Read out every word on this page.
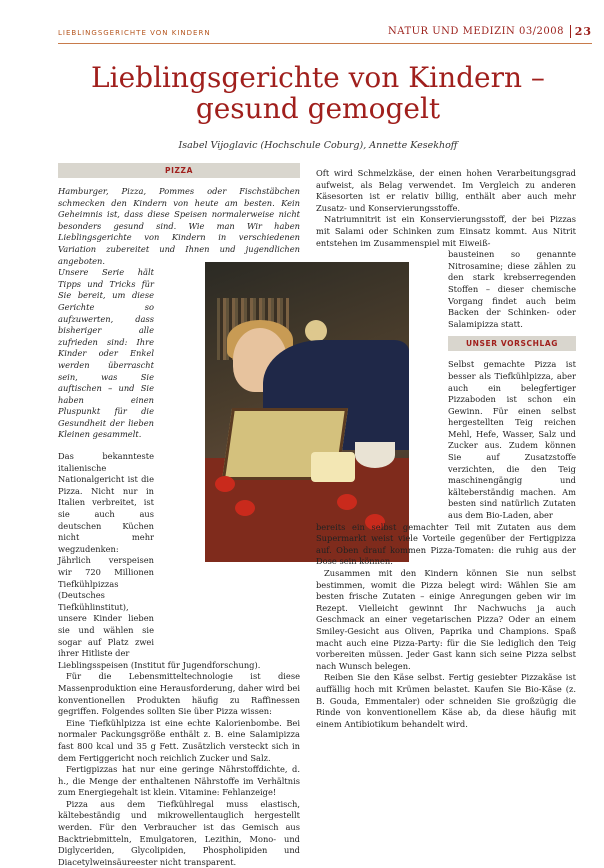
LIEBLINGSGERICHTE VON KINDERN	NATUR UND MEDIZIN 03/2008 23
Lieblingsgerichte von Kindern –
gesund gemogelt
Isabel Vijoglavic (Hochschule Coburg), Annette Kesekhoff
PIZZA

Hamburger, Pizza, Pommes oder Fischstäbchen schmecken den Kindern von heute am besten. Kein Geheimnis ist, dass diese Speisen normalerweise nicht besonders gesund sind. Wie man Wir haben Lieblingsgerichte von Kindern in verschiedenen Variation zubereitet und Ihnen und jugendlichen angeboten.

Unsere Serie hält Tipps und Tricks für Sie bereit, um diese Gerichte so aufzuwerten, dass bisheriger alle zufrieden sind: Ihre Kinder oder Enkel werden überrascht sein, was Sie auftischen – und Sie haben einen Pluspunkt für die Gesundheit der lieben Kleinen gesammelt.

Das bekannteste italienische Nationalgericht ist die Pizza. Nicht nur in Italien verbreitet, ist sie auch aus deutschen Küchen nicht mehr wegzudenken: Jährlich verspeisen wir 720 Millionen Tiefkühlpizzas (Deutsches Tiefkühlinstitut), unsere Kinder lieben sie und wählen sie sogar auf Platz zwei ihrer Hitliste der

Lieblingsspeisen (Institut für Jugendforschung).

Für die Lebensmitteltechnologie ist diese Massenproduktion eine Herausforderung, daher wird bei konventionellen Produkten häufig zu Raffinessen gegriffen. Folgendes sollten Sie über Pizza wissen:

Eine Tiefkühlpizza ist eine echte Kalorienbombe. Bei normaler Packungsgröße enthält z. B. eine Salamipizza fast 800 kcal und 35 g Fett. Zusätzlich versteckt sich in dem Fertiggericht noch reichlich Zucker und Salz.

Fertigpizzas hat nur eine geringe Nährstoffdichte, d. h., die Menge der enthaltenen Nährstoffe im Verhältnis zum Energiegehalt ist klein. Vitamine: Fehlanzeige!

Pizza aus dem Tiefkühlregal muss elastisch, kältebeständig und mikrowellentauglich hergestellt werden. Für den Verbraucher ist das Gemisch aus Backtriebmitteln, Emulgatoren, Lezithin, Mono- und Diglyceriden, Glycolipiden, Phospholipiden und Diacetylweinsäureester nicht transparent.

Oft wird Schmelzkäse, der einen hohen Verarbeitungsgrad aufweist, als Belag verwendet. Im Vergleich zu anderen Käsesorten ist er relativ billig, enthält aber auch mehr Zusatz- und Konservierungsstoffe.

Natriumnitrit ist ein Konservierungsstoff, der bei Pizzas mit Salami oder Schinken zum Einsatz kommt. Aus Nitrit entstehen im Zusammenspiel mit Eiweiß-

bausteinen so genannte Nitrosamine; diese zählen zu den stark krebserregenden Stoffen – dieser chemische Vorgang findet auch beim Backen der Schinken- oder Salamipizza statt.

UNSER VORSCHLAG

Selbst gemachte Pizza ist besser als Tiefkühlpizza, aber auch ein belegfertiger Pizzaboden ist schon ein Gewinn. Für einen selbst hergestellten Teig reichen Mehl, Hefe, Wasser, Salz und Zucker aus. Zudem können Sie auf Zusatzstoffe verzichten, die den Teig maschinengängig und kälteberständig machen. Am besten sind natürlich Zutaten aus dem Bio-Laden, aber

bereits ein selbst gemachter Teil mit Zutaten aus dem Supermarkt weist viele Vorteile gegenüber der Fertigpizza auf. Oben drauf kommen Pizza-Tomaten: die ruhig aus der Dose sein können.

Zusammen mit den Kindern können Sie nun selbst bestimmen, womit die Pizza belegt wird: Wählen Sie am besten frische Zutaten – einige Anregungen geben wir im Rezept. Vielleicht gewinnt Ihr Nachwuchs ja auch Geschmack an einer vegetarischen Pizza? Oder an einem Smiley-Gesicht aus Oliven, Paprika und Champions. Spaß macht auch eine Pizza-Party: für die Sie lediglich den Teig vorbereiten müssen. Jeder Gast kann sich seine Pizza selbst nach Wunsch belegen.

Reiben Sie den Käse selbst. Fertig gesiebter Pizzakäse ist auffällig hoch mit Krümen belastet. Kaufen Sie Bio-Käse (z. B. Gouda, Emmentaler) oder schneiden Sie großzügig die Rinde von konventionellem Käse ab, da diese häufig mit einem Antibiotikum behandelt wird.
